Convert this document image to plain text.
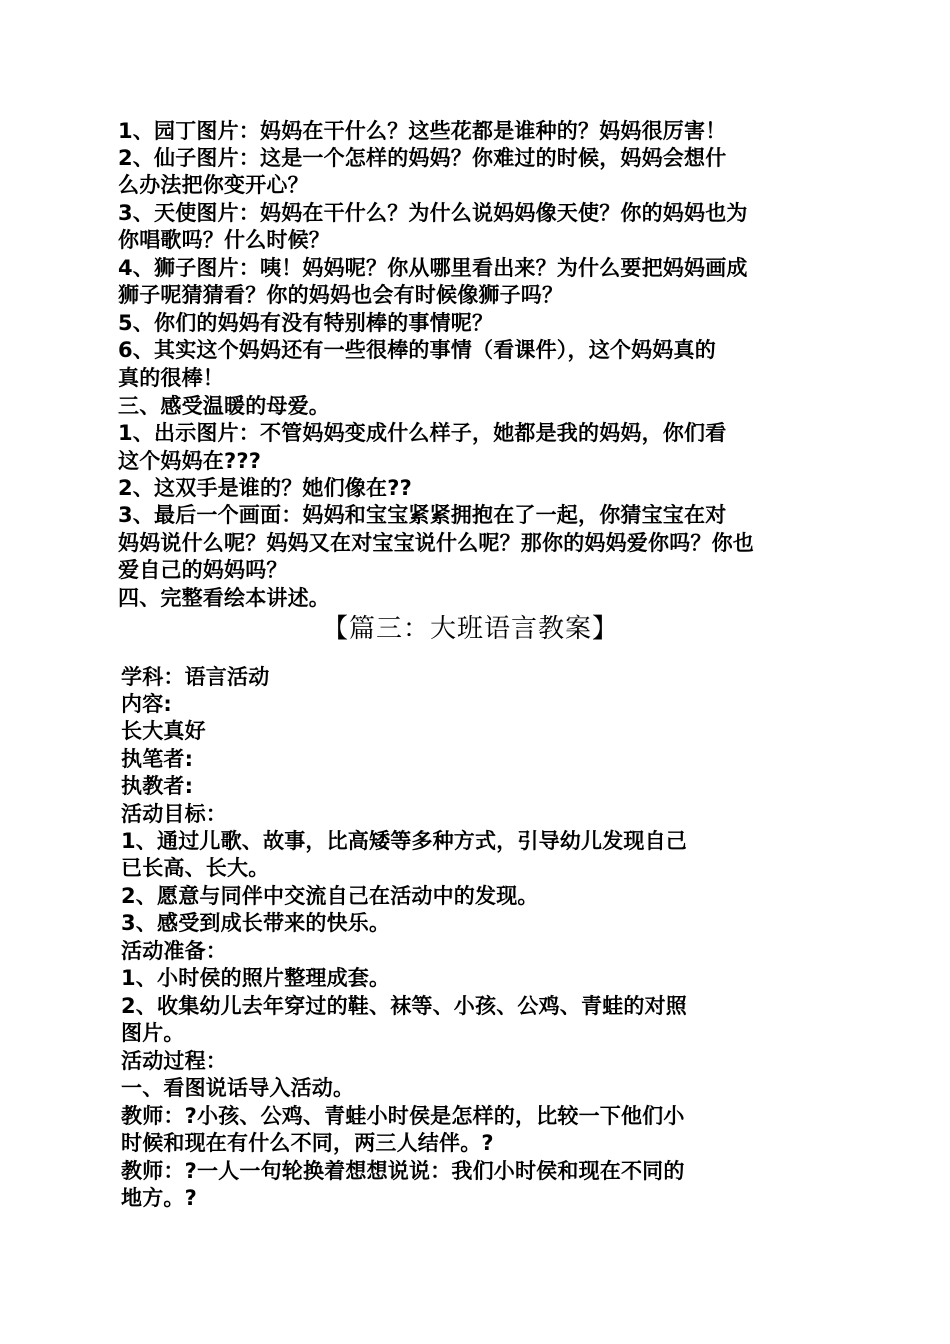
1、园丁图片：妈妈在干什么？这些花都是谁种的？妈妈很厉害！
2、仙子图片：这是一个怎样的妈妈？你难过的时候，妈妈会想什
么办法把你变开心？
3、天使图片：妈妈在干什么？为什么说妈妈像天使？你的妈妈也为
你唱歌吗？什么时候？
4、狮子图片：咦！妈妈呢？你从哪里看出来？为什么要把妈妈画成
狮子呢猜猜看？你的妈妈也会有时候像狮子吗？
5、你们的妈妈有没有特别棒的事情呢？
6、其实这个妈妈还有一些很棒的事情（看课件），这个妈妈真的
真的很棒！
三、感受温暖的母爱。
1、出示图片：不管妈妈变成什么样子，她都是我的妈妈，你们看
这个妈妈在???
2、这双手是谁的？她们像在??
3、最后一个画面：妈妈和宝宝紧紧拥抱在了一起，你猜宝宝在对
妈妈说什么呢？妈妈又在对宝宝说什么呢？那你的妈妈爱你吗？你也
爱自己的妈妈吗？
四、完整看绘本讲述。
【篇三：大班语言教案】
学科：语言活动
内容:
长大真好
执笔者:
执教者:
活动目标：
1、通过儿歌、故事，比高矮等多种方式，引导幼儿发现自己
已长高、长大。
2、愿意与同伴中交流自己在活动中的发现。
3、感受到成长带来的快乐。
活动准备：
1、小时侯的照片整理成套。
2、收集幼儿去年穿过的鞋、袜等、小孩、公鸡、青蛙的对照
图片。
活动过程：
一、看图说话导入活动。
教师：?小孩、公鸡、青蛙小时侯是怎样的，比较一下他们小
时候和现在有什么不同，两三人结伴。?
教师：?一人一句轮换着想想说说：我们小时侯和现在不同的
地方。?
